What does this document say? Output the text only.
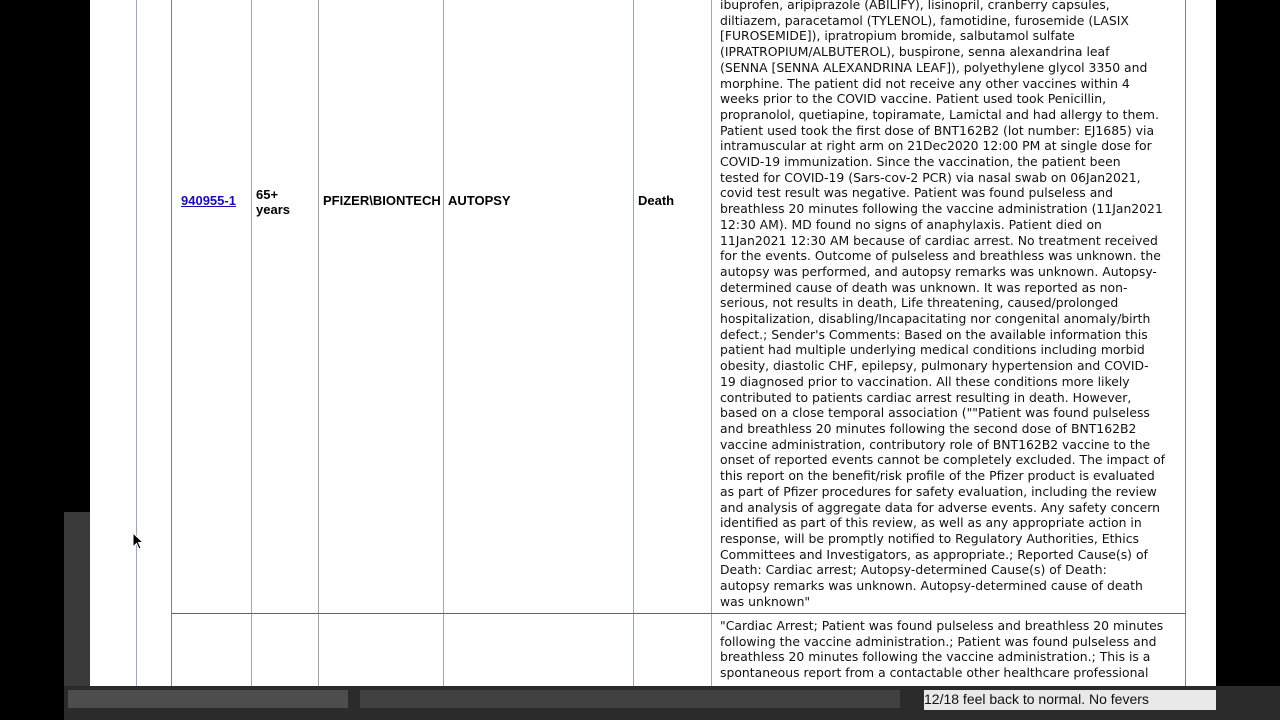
12/18 feel back to normal. No fevers
940955-1 65+
years
PFIZER\BIONTECH AUTOPSY	Death
ibuprofen, aripiprazole (ABILIFY), lisinopril, cranberry capsules,
diltiazem, paracetamol (TYLENOL), famotidine, furosemide (LASIX
[FUROSEMIDE]), ipratropium bromide, salbutamol sulfate
(IPRATROPIUM/ALBUTEROL), buspirone, senna alexandrina leaf
(SENNA [SENNA ALEXANDRINA LEAF]), polyethylene glycol 3350 and
morphine. The patient did not receive any other vaccines within 4
weeks prior to the COVID vaccine. Patient used took Penicillin,
propranolol, quetiapine, topiramate, Lamictal and had allergy to them.
Patient used took the first dose of BNT162B2 (lot number: EJ1685) via
intramuscular at right arm on 21Dec2020 12:00 PM at single dose for
COVID-19 immunization. Since the vaccination, the patient been
tested for COVID-19 (Sars-cov-2 PCR) via nasal swab on 06Jan2021,
covid test result was negative. Patient was found pulseless and
breathless 20 minutes following the vaccine administration (11Jan2021
12:30 AM). MD found no signs of anaphylaxis. Patient died on
11Jan2021 12:30 AM because of cardiac arrest. No treatment received
for the events. Outcome of pulseless and breathless was unknown. the
autopsy was performed, and autopsy remarks was unknown. Autopsy-
determined cause of death was unknown. It was reported as non-
serious, not results in death, Life threatening, caused/prolonged
hospitalization, disabling/Incapacitating nor congenital anomaly/birth
defect.; Sender's Comments: Based on the available information this
patient had multiple underlying medical conditions including morbid
obesity, diastolic CHF, epilepsy, pulmonary hypertension and COVID-
19 diagnosed prior to vaccination. All these conditions more likely
contributed to patients cardiac arrest resulting in death. However,
based on a close temporal association (""Patient was found pulseless
and breathless 20 minutes following the second dose of BNT162B2
vaccine administration, contributory role of BNT162B2 vaccine to the
onset of reported events cannot be completely excluded. The impact of
this report on the benefit/risk profile of the Pfizer product is evaluated
as part of Pfizer procedures for safety evaluation, including the review
and analysis of aggregate data for adverse events. Any safety concern
identified as part of this review, as well as any appropriate action in
response, will be promptly notified to Regulatory Authorities, Ethics
Committees and Investigators, as appropriate.; Reported Cause(s) of
Death: Cardiac arrest; Autopsy-determined Cause(s) of Death:
autopsy remarks was unknown. Autopsy-determined cause of death
was unknown"
"Cardiac Arrest; Patient was found pulseless and breathless 20 minutes
following the vaccine administration.; Patient was found pulseless and
breathless 20 minutes following the vaccine administration.; This is a
spontaneous report from a contactable other healthcare professional
